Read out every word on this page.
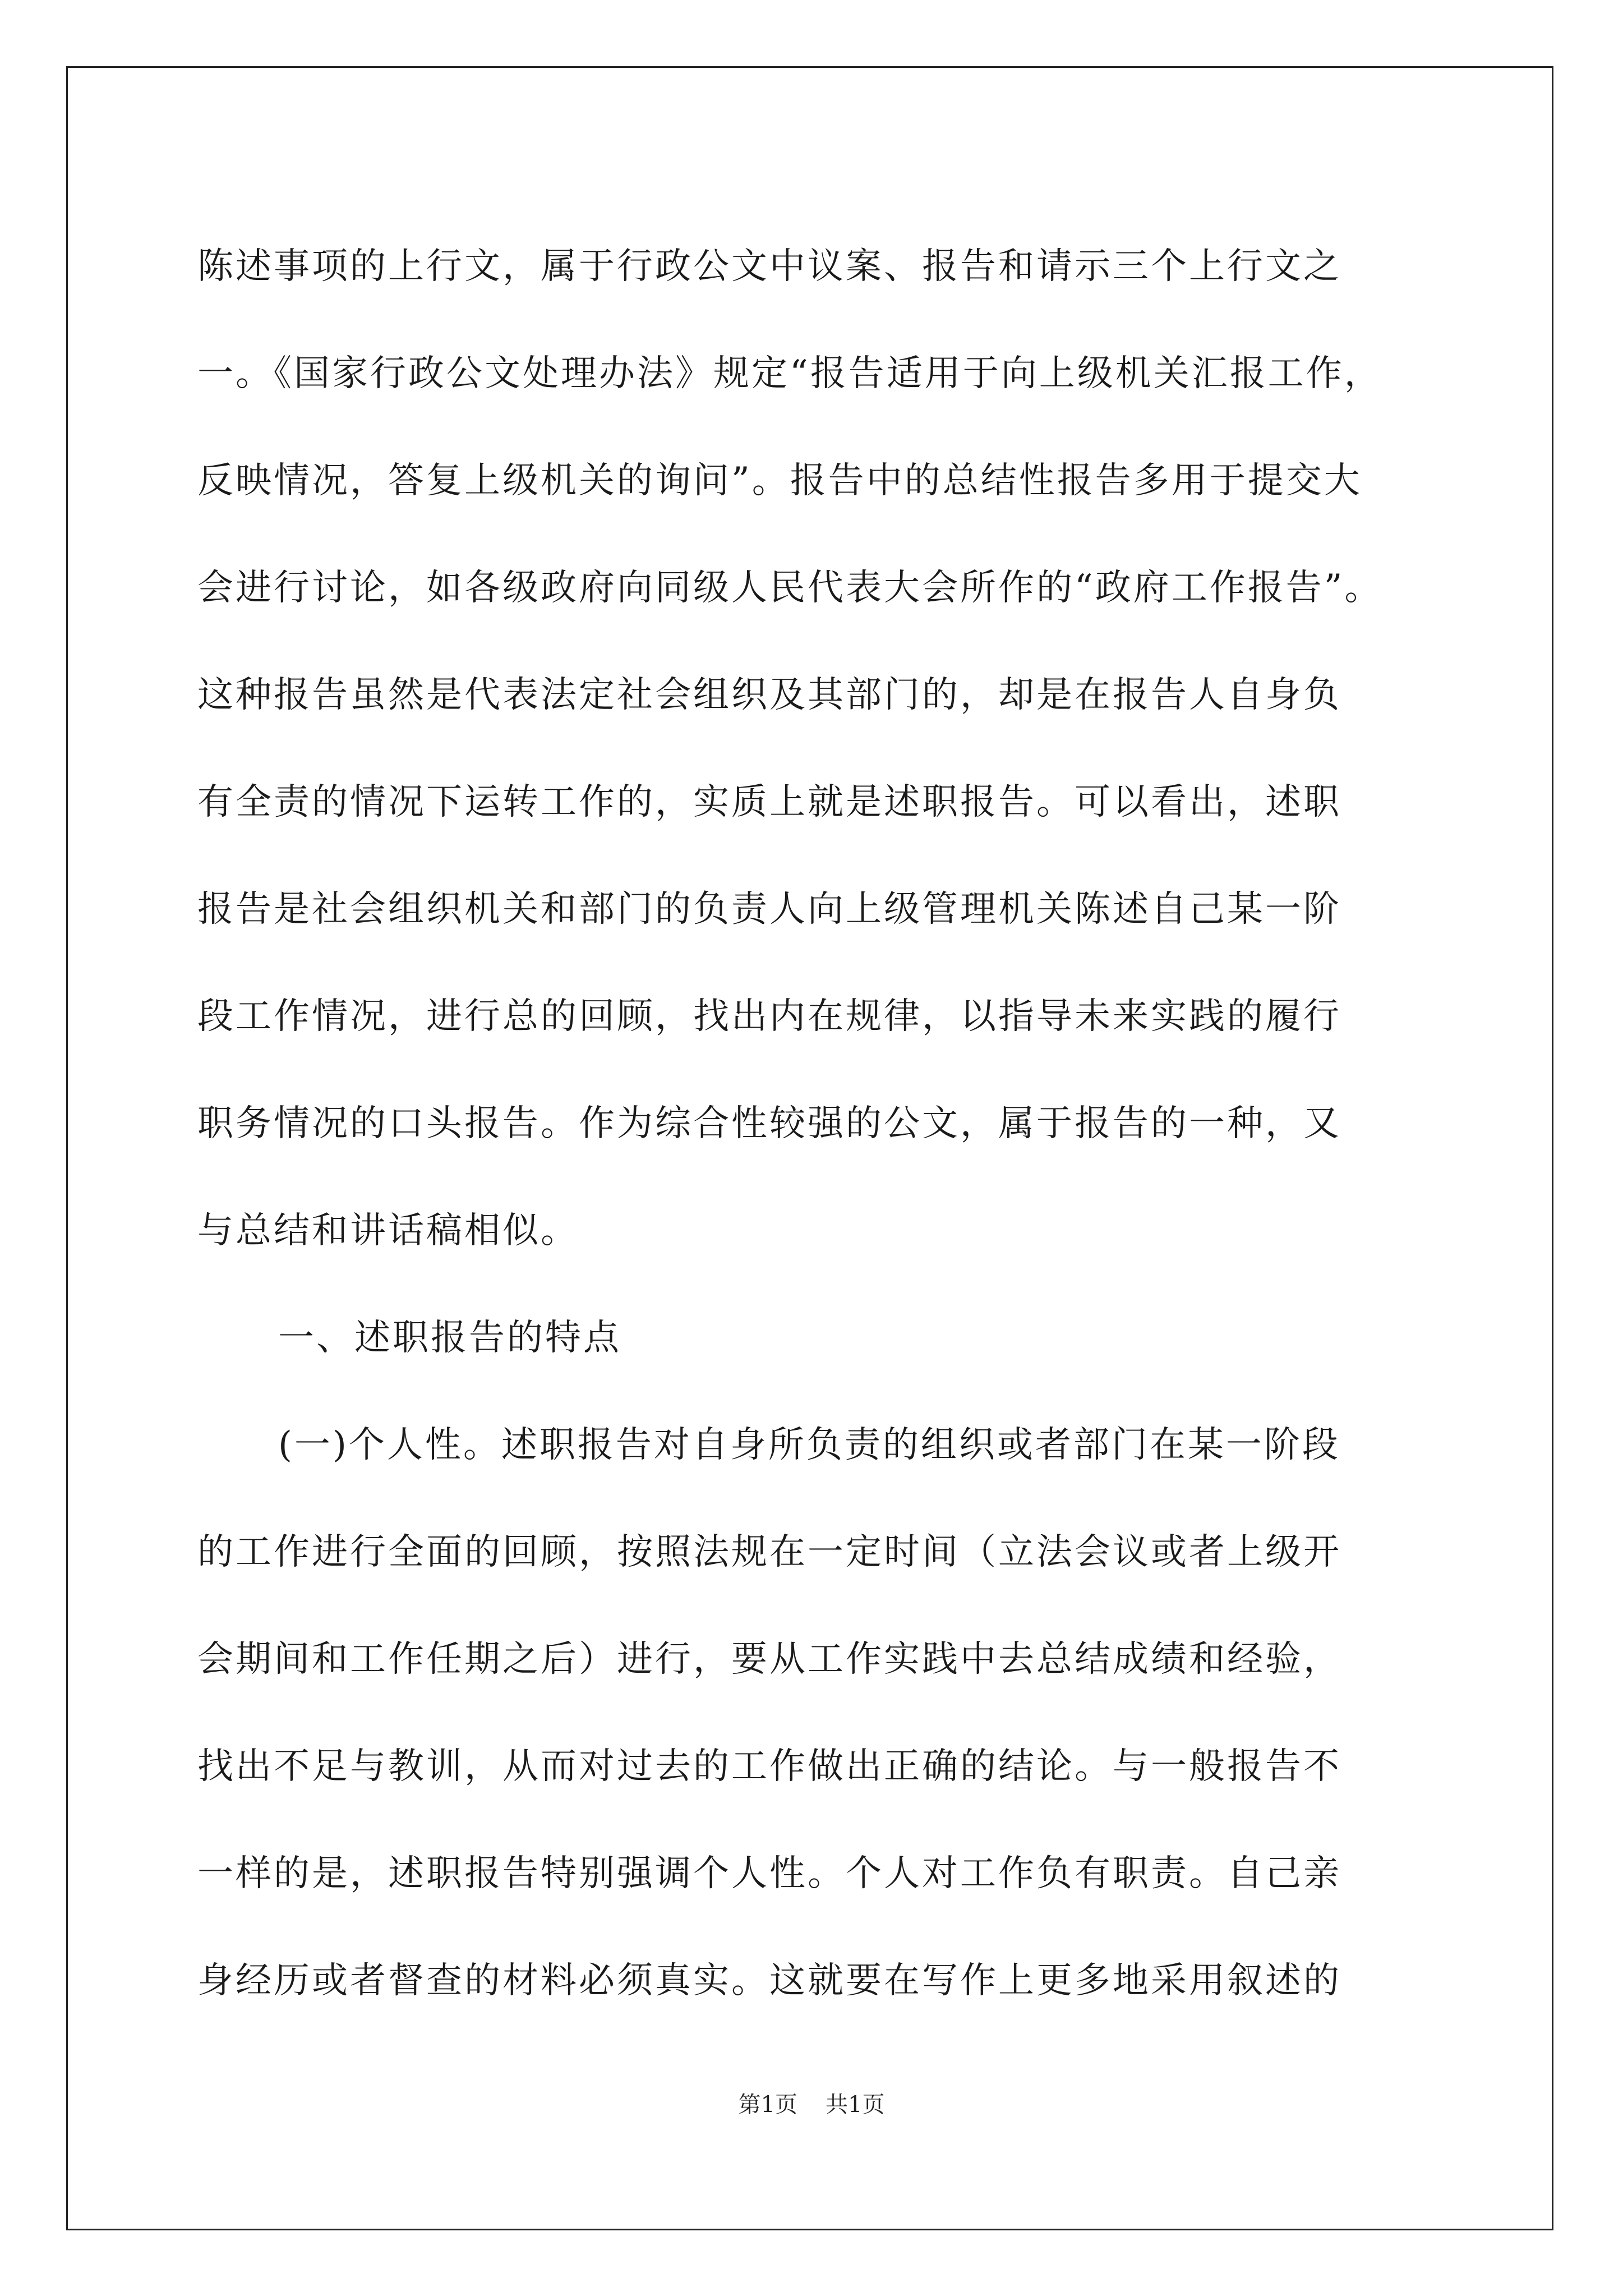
陈述事项的上行文，属于行政公文中议案、报告和请示三个上行文之
一。《国家行政公文处理办法》规定“报告适用于向上级机关汇报工作，
反映情况，答复上级机关的询问”。报告中的总结性报告多用于提交大
会进行讨论，如各级政府向同级人民代表大会所作的“政府工作报告”。
这种报告虽然是代表法定社会组织及其部门的，却是在报告人自身负
有全责的情况下运转工作的，实质上就是述职报告。可以看出，述职
报告是社会组织机关和部门的负责人向上级管理机关陈述自己某一阶
段工作情况，进行总的回顾，找出内在规律，以指导未来实践的履行
职务情况的口头报告。作为综合性较强的公文，属于报告的一种，又
与总结和讲话稿相似。
一、述职报告的特点
(一)个人性。述职报告对自身所负责的组织或者部门在某一阶段
的工作进行全面的回顾，按照法规在一定时间（立法会议或者上级开
会期间和工作任期之后）进行，要从工作实践中去总结成绩和经验，
找出不足与教训，从而对过去的工作做出正确的结论。与一般报告不
一样的是，述职报告特别强调个人性。个人对工作负有职责。自己亲
身经历或者督查的材料必须真实。这就要在写作上更多地采用叙述的
第1页 共1页
